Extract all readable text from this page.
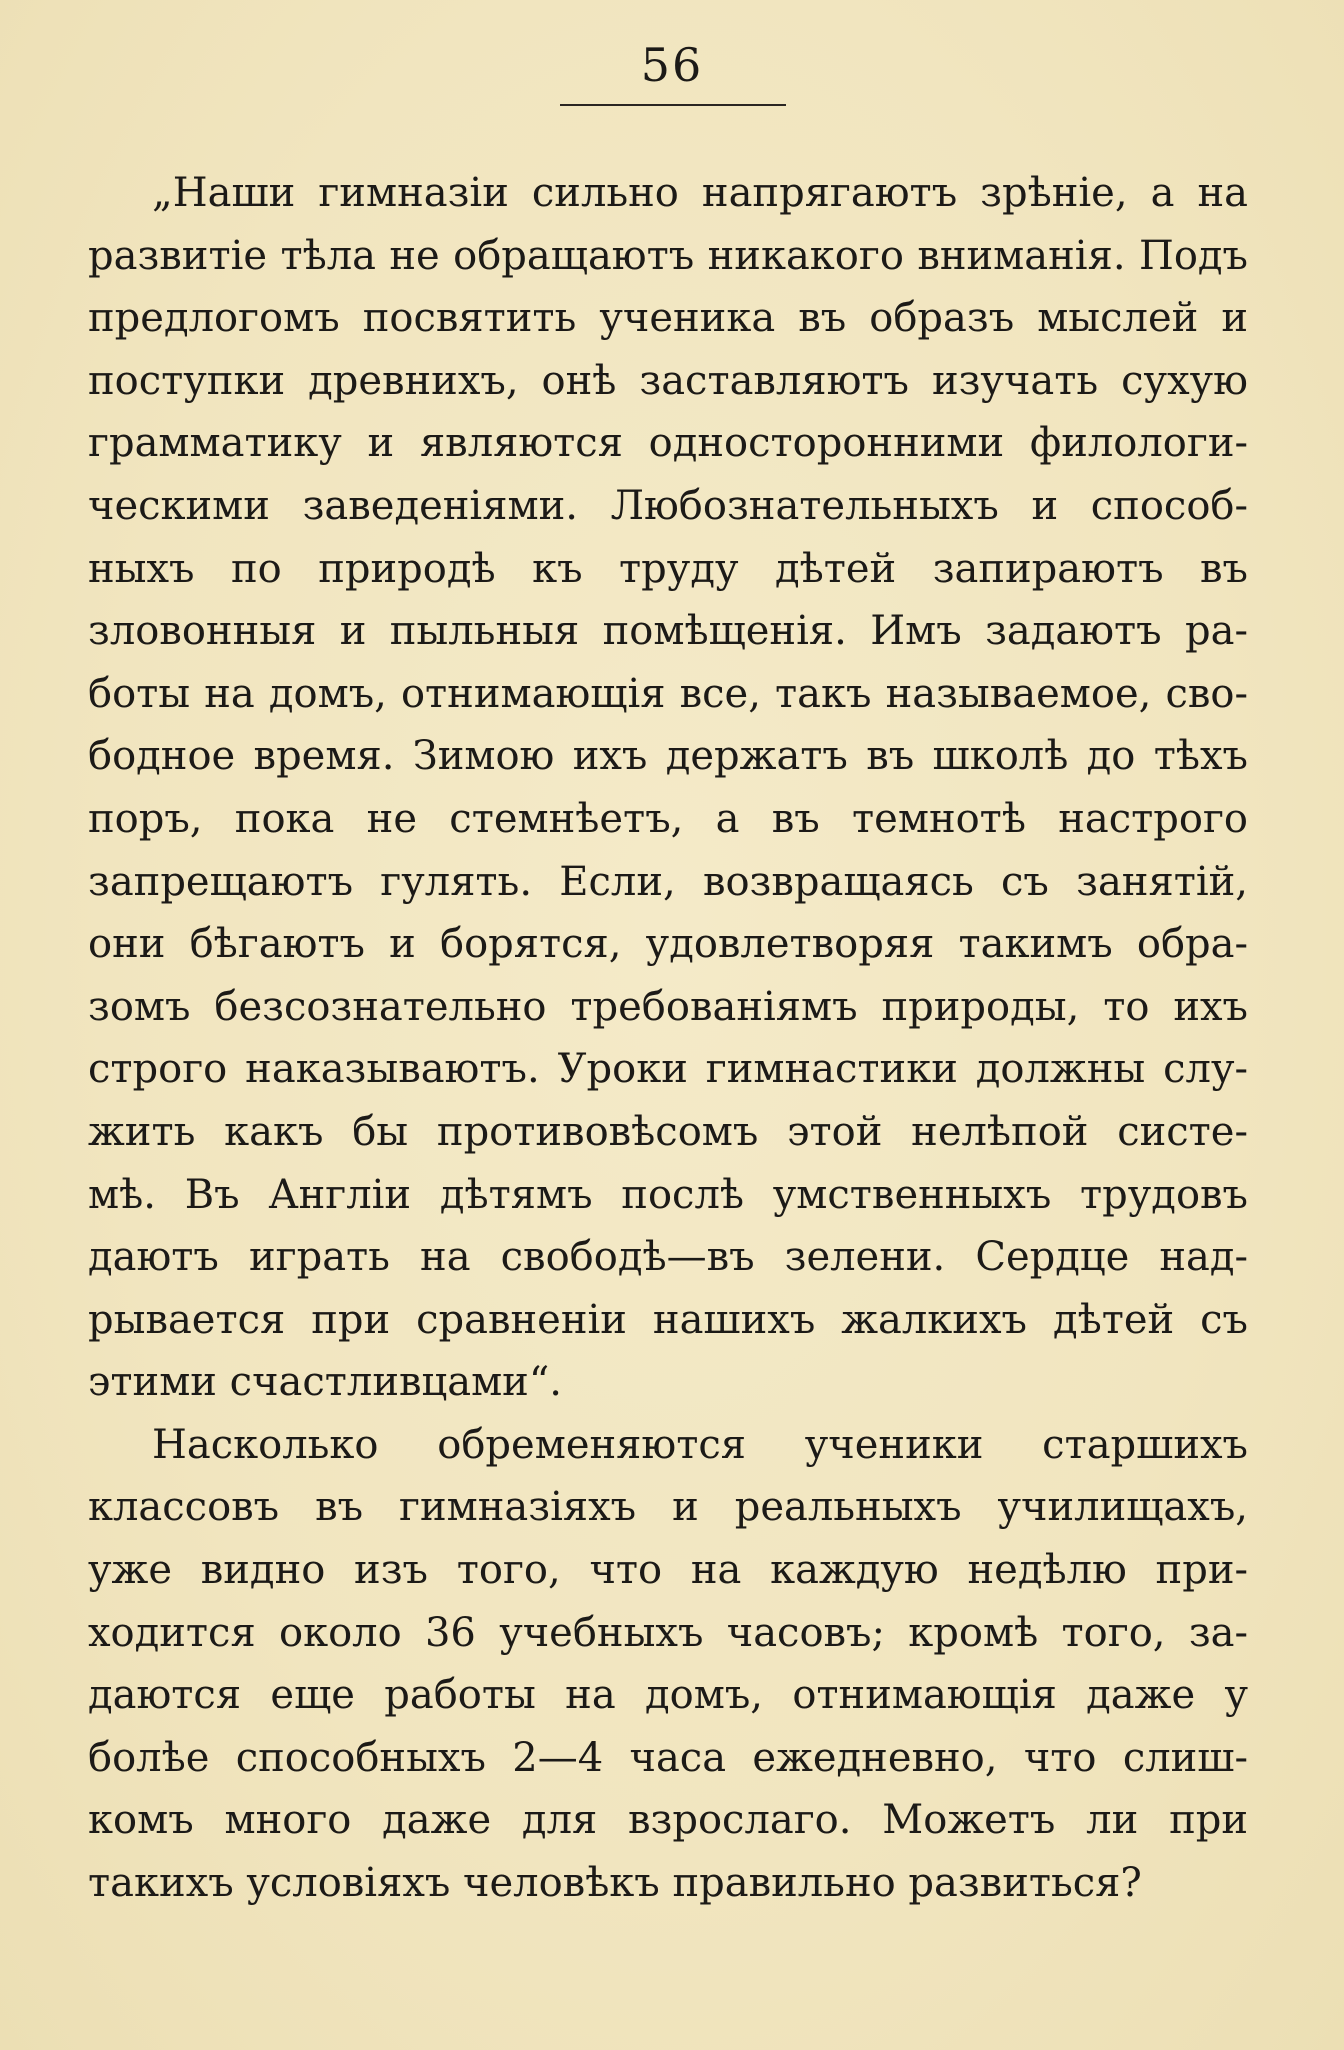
56
„Наши гимназіи сильно напрягаютъ зрѣніе, а на
развитіе тѣла не обращаютъ никакого вниманія. Подъ
предлогомъ посвятить ученика въ образъ мыслей и
поступки древнихъ, онѣ заставляютъ изучать сухую
грамматику и являются односторонними филологи-
ческими заведеніями. Любознательныхъ и способ-
ныхъ по природѣ къ труду дѣтей запираютъ въ
зловонныя и пыльныя помѣщенія. Имъ задаютъ ра-
боты на домъ, отнимающія все, такъ называемое, сво-
бодное время. Зимою ихъ держатъ въ школѣ до тѣхъ
поръ, пока не стемнѣетъ, а въ темнотѣ настрого
запрещаютъ гулять. Если, возвращаясь съ занятій,
они бѣгаютъ и борятся, удовлетворяя такимъ обра-
зомъ безсознательно требованіямъ природы, то ихъ
строго наказываютъ. Уроки гимнастики должны слу-
жить какъ бы противовѣсомъ этой нелѣпой систе-
мѣ. Въ Англіи дѣтямъ послѣ умственныхъ трудовъ
даютъ играть на свободѣ—въ зелени. Сердце над-
рывается при сравненіи нашихъ жалкихъ дѣтей съ
этими счастливцами“.
Насколько обременяются ученики старшихъ
классовъ въ гимназіяхъ и реальныхъ училищахъ,
уже видно изъ того, что на каждую недѣлю при-
ходится около 36 учебныхъ часовъ; кромѣ того, за-
даются еще работы на домъ, отнимающія даже у
болѣе способныхъ 2—4 часа ежедневно, что слиш-
комъ много даже для взрослаго. Можетъ ли при
такихъ условіяхъ человѣкъ правильно развиться?
